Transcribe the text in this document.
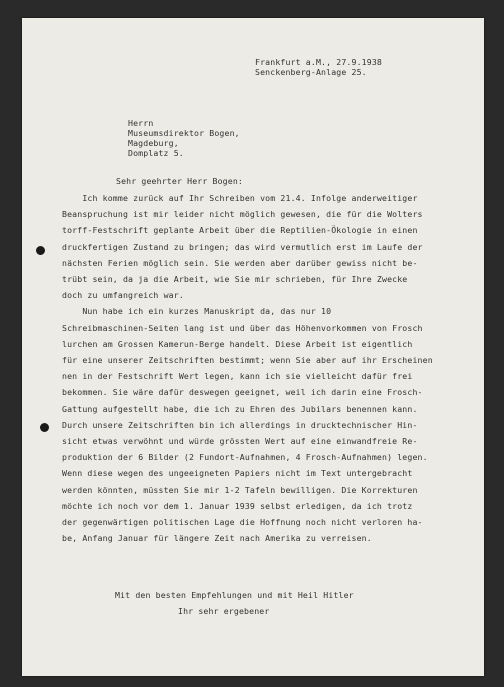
Frankfurt a.M., 27.9.1938
Senckenberg-Anlage 25.
Herrn
Museumsdirektor Bogen,
Magdeburg,
Domplatz 5.
Sehr geehrter Herr Bogen:
Ich komme zurück auf Ihr Schreiben vom 21.4. Infolge anderweitiger
Beanspruchung ist mir leider nicht möglich gewesen, die für die Wolters
torff-Festschrift geplante Arbeit über die Reptilien-Ökologie in einen
druckfertigen Zustand zu bringen; das wird vermutlich erst im Laufe der
nächsten Ferien möglich sein. Sie werden aber darüber gewiss nicht be-
trübt sein, da ja die Arbeit, wie Sie mir schrieben, für Ihre Zwecke
doch zu umfangreich war.
Nun habe ich ein kurzes Manuskript da, das nur 10
Schreibmaschinen-Seiten lang ist und über das Höhenvorkommen von Frosch
lurchen am Grossen Kamerun-Berge handelt. Diese Arbeit ist eigentlich
für eine unserer Zeitschriften bestimmt; wenn Sie aber auf ihr Erscheinen
nen in der Festschrift Wert legen, kann ich sie vielleicht dafür frei
bekommen. Sie wäre dafür deswegen geeignet, weil ich darin eine Frosch-
Gattung aufgestellt habe, die ich zu Ehren des Jubilars benennen kann.
Durch unsere Zeitschriften bin ich allerdings in drucktechnischer Hin-
sicht etwas verwöhnt und würde grössten Wert auf eine einwandfreie Re-
produktion der 6 Bilder (2 Fundort-Aufnahmen, 4 Frosch-Aufnahmen) legen.
Wenn diese wegen des ungeeigneten Papiers nicht im Text untergebracht
werden könnten, müssten Sie mir 1-2 Tafeln bewilligen. Die Korrekturen
möchte ich noch vor dem 1. Januar 1939 selbst erledigen, da ich trotz
der gegenwärtigen politischen Lage die Hoffnung noch nicht verloren ha-
be, Anfang Januar für längere Zeit nach Amerika zu verreisen.
Mit den besten Empfehlungen und mit Heil Hitler
Ihr sehr ergebener
